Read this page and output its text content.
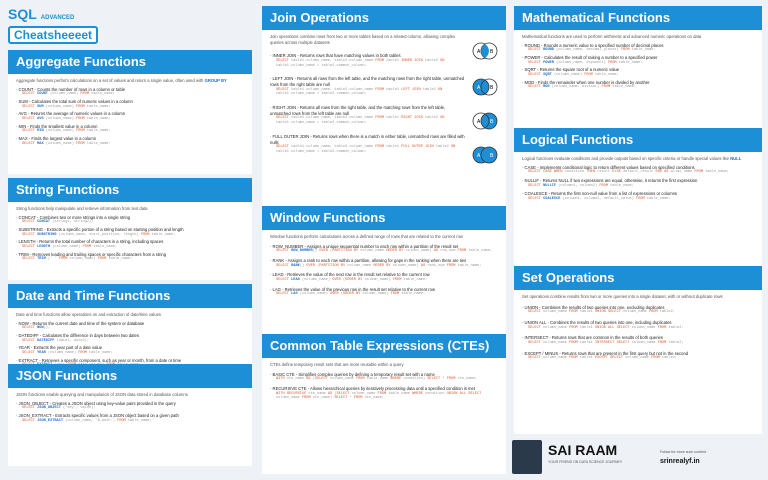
SQL ADVANCED
Cheatsheeeet
Aggregate Functions
Aggregate functions perform calculations on a set of values and return a single value, often used with GROUP BY
· COUNT - Counts the number of rows in a column or table
SELECT COUNT (column_name) FROM table_name;
· SUM - Calculates the total sum of numeric values in a column
SELECT SUM (column_name) FROM table_name;
· AVG - Returns the average of numeric values in a column
SELECT AVG (column_name) FROM table_name;
· MIN - Finds the smallest value in a column
SELECT MIN (column_name) FROM table_name;
· MAX - Finds the largest value in a column
SELECT MAX (column_name) FROM table_name;
String Functions
String functions help manipulate and retrieve information from text data
· CONCAT - Combines two or more strings into a single string
SELECT CONCAT (string1, string2);
· SUBSTRING - Extracts a specific portion of a string based on starting position and length
SELECT SUBSTRING (column_name, start_position, length) FROM table_name;
· LENGTH - Returns the total number of characters in a string, including spaces
SELECT LENGTH (column_name) FROM table_name;
· TRIM - Removes leading and trailing spaces or specific characters from a string
SELECT TRIM (' ' FROM column_name) FROM table_name;
Date and Time Functions
Date and time functions allow operations on and extraction of date/time values
· NOW - Returns the current date and time of the system or database
SELECT NOW();
· DATEDIFF - Calculates the difference in days between two dates
SELECT DATEDIFF (date1, date2);
· YEAR - Extracts the year part of a date value
SELECT YEAR (column_name) FROM table_name;
· EXTRACT - Retrieves a specific component, such as year or month, from a date or time
JSON Functions
JSON functions enable querying and manipulation of JSON data stored in database columns
· JSON_OBJECT - Creates a JSON object using key-value pairs provided in the query
SELECT JSON_OBJECT ('key', value);
· JSON_EXTRACT - Extracts specific values from a JSON object based on a given path
SELECT JSON_EXTRACT (column_name, '$.path') FROM table_name;
Join Operations
Join operations combine rows from two or more tables based on a related column, allowing complex queries across multiple datasets
· INNER JOIN - Returns rows that have matching values in both tables
SELECT table1.column_name, table2.column_name FROM table1 INNER JOIN table2 ON table1.column_name = table2.common_column;
· LEFT JOIN - Returns all rows from the left table, and the matching rows from the right table, unmatched rows from the right table are null
SELECT table1.column_name, table2.column_name FROM table1 LEFT JOIN table2 ON table1.column_name = table2.common_column;
· RIGHT JOIN - Returns all rows from the right table, and the matching rows from the left table, unmatched rows from the left table are null
SELECT table1.column_name, table2.column_name FROM table1 RIGHT JOIN table2 ON table1.column_name = table2.common_column;
· FULL OUTER JOIN - Returns rows when there is a match in either table, unmatched rows are filled with nulls
SELECT table1.column_name, table2.column_name FROM table1 FULL OUTER JOIN table2 ON table1.column_name = table2.common_column;
A B
A B
A B
A B
Window Functions
Window functions perform calculations across a defined range of rows that are related to the current row
· ROW_NUMBER - Assigns a unique sequential number to each row within a partition of the result set
SELECT ROW_NUMBER() OVER (PARTITION BY column_name ORDER BY column_name) AS row_num FROM table_name;
· RANK - Assigns a rank to each row within a partition, allowing for gaps in the ranking when there are ties
SELECT RANK() OVER (PARTITION BY column_name ORDER BY column_name) AS rank_num FROM table_name;
· LEAD - Retrieves the value of the next row in the result set relative to the current row
SELECT LEAD (column_name) OVER (ORDER BY column_name) FROM table_name;
· LAG - Retrieves the value of the previous row in the result set relative to the current row
SELECT LAG (column_name) OVER (ORDER BY column_name) FROM table_name;
Common Table Expressions (CTEs)
CTEs define temporary result sets that are more reusable within a query
· BASIC CTE - Simplifies complex queries by defining a temporary result set with a name
WITH cte_name AS (SELECT column_name FROM table_name WHERE condition) SELECT * FROM cte_name;
· RECURSIVE CTE - Allows hierarchical queries by iteratively processing data until a specified condition is met
WITH RECURSIVE cte_name AS (SELECT column_name FROM table_name WHERE condition UNION ALL SELECT column_name FROM cte_name) SELECT * FROM cte_name;
Mathematical Functions
Mathematical functions are used to perform arithmetic and advanced numeric operations on data
· ROUND - Rounds a numeric value to a specified number of decimal places
SELECT ROUND (column_name, decimal_places) FROM table_name;
· POWER - Calculates the result of raising a number to a specified power
SELECT POWER (column_name, exponent) FROM table_name;
· SQRT - Returns the square root of a numeric value
SELECT SQRT (column_name) FROM table_name;
· MOD - Finds the remainder when one number is divided by another
SELECT MOD (column_name, divisor) FROM table_name;
Logical Functions
Logical functions evaluate conditions and provide outputs based on specific criteria or handle special values like NULL
· CASE - Implements conditional logic to return different values based on specified conditions
SELECT CASE WHEN condition THEN result ELSE default_result END AS alias_name FROM table_name;
· NULLIF - Returns NULL if two expressions are equal, otherwise, it returns the first expression
SELECT NULLIF (column1, column2) FROM table_name;
· COALESCE - Returns the first non-null value from a list of expressions or columns
SELECT COALESCE (column1, column2, default_value) FROM table_name;
Set Operations
Set operations combine results from two or more queries into a single dataset, with or without duplicate rows
· UNION - Combines the results of two queries into one, excluding duplicates
SELECT column_name FROM table1 UNION SELECT column_name FROM table2;
· UNION ALL - Combines the results of two queries into one, including duplicates
SELECT column_name FROM table1 UNION ALL SELECT column_name FROM table2;
· INTERSECT - Returns rows that are common in the results of both queries
SELECT column_name FROM table1 INTERSECT SELECT column_name FROM table2;
· EXCEPT / MINUS - Returns rows that are present in the first query but not in the second
SELECT column_name FROM table1 EXCEPT SELECT column_name FROM table2;
SAI RAAM
YOUR FRIEND ON DATA SCIENCE JOURNEY
Follow for more such content
srinrealyf.in
